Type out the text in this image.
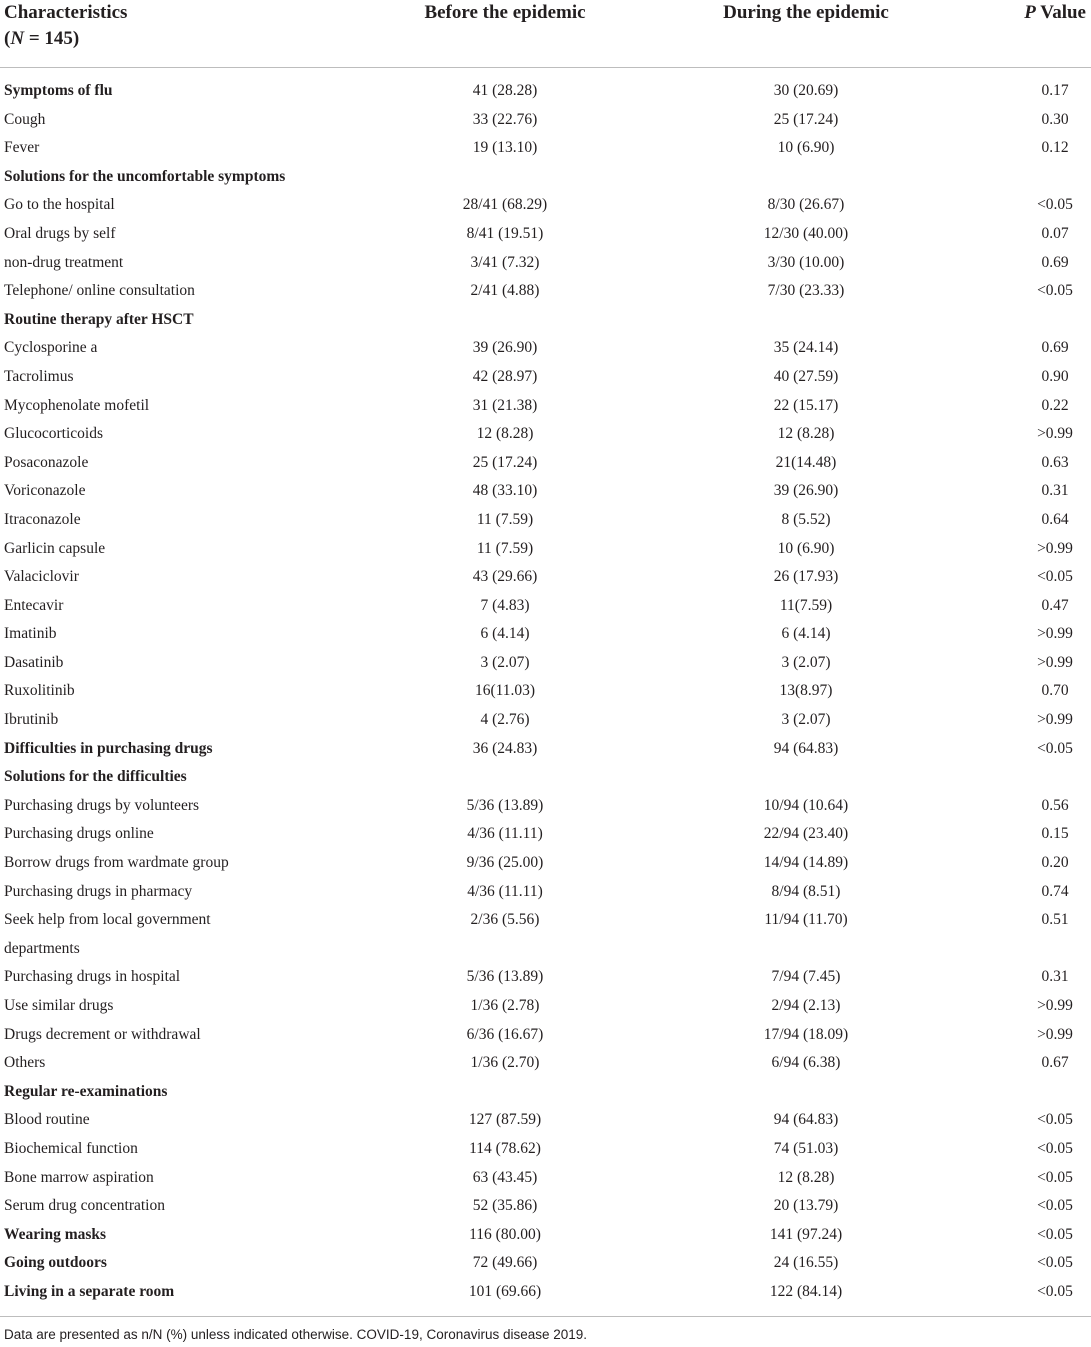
Characteristics
(N = 145)
Before the epidemic	During the epidemic	P Value
Symptoms of flu	41 (28.28)	30 (20.69)	0.17
Cough	33 (22.76)	25 (17.24)	0.30
Fever	19 (13.10)	10 (6.90)	0.12
Solutions for the uncomfortable symptoms
Go to the hospital	28/41 (68.29)	8/30 (26.67)	<0.05
Oral drugs by self	8/41 (19.51)	12/30 (40.00)	0.07
non-drug treatment	3/41 (7.32)	3/30 (10.00)	0.69
Telephone/ online consultation	2/41 (4.88)	7/30 (23.33)	<0.05
Routine therapy after HSCT
Cyclosporine a	39 (26.90)	35 (24.14)	0.69
Tacrolimus	42 (28.97)	40 (27.59)	0.90
Mycophenolate mofetil	31 (21.38)	22 (15.17)	0.22
Glucocorticoids	12 (8.28)	12 (8.28)	>0.99
Posaconazole	25 (17.24)	21(14.48)	0.63
Voriconazole	48 (33.10)	39 (26.90)	0.31
Itraconazole	11 (7.59)	8 (5.52)	0.64
Garlicin capsule	11 (7.59)	10 (6.90)	>0.99
Valaciclovir	43 (29.66)	26 (17.93)	<0.05
Entecavir	7 (4.83)	11(7.59)	0.47
Imatinib	6 (4.14)	6 (4.14)	>0.99
Dasatinib	3 (2.07)	3 (2.07)	>0.99
Ruxolitinib	16(11.03)	13(8.97)	0.70
Ibrutinib	4 (2.76)	3 (2.07)	>0.99
Difficulties in purchasing drugs	36 (24.83)	94 (64.83)	<0.05
Solutions for the difficulties
Purchasing drugs by volunteers	5/36 (13.89)	10/94 (10.64)	0.56
Purchasing drugs online	4/36 (11.11)	22/94 (23.40)	0.15
Borrow drugs from wardmate group	9/36 (25.00)	14/94 (14.89)	0.20
Purchasing drugs in pharmacy	4/36 (11.11)	8/94 (8.51)	0.74
Seek help from local government
departments
2/36 (5.56)	11/94 (11.70)	0.51
Purchasing drugs in hospital	5/36 (13.89)	7/94 (7.45)	0.31
Use similar drugs	1/36 (2.78)	2/94 (2.13)	>0.99
Drugs decrement or withdrawal	6/36 (16.67)	17/94 (18.09)	>0.99
Others	1/36 (2.70)	6/94 (6.38)	0.67
Regular re-examinations
Blood routine	127 (87.59)	94 (64.83)	<0.05
Biochemical function	114 (78.62)	74 (51.03)	<0.05
Bone marrow aspiration	63 (43.45)	12 (8.28)	<0.05
Serum drug concentration	52 (35.86)	20 (13.79)	<0.05
Wearing masks	116 (80.00)	141 (97.24)	<0.05
Going outdoors	72 (49.66)	24 (16.55)	<0.05
Living in a separate room	101 (69.66)	122 (84.14)	<0.05
Data are presented as n/N (%) unless indicated otherwise. COVID-19, Coronavirus disease 2019.
